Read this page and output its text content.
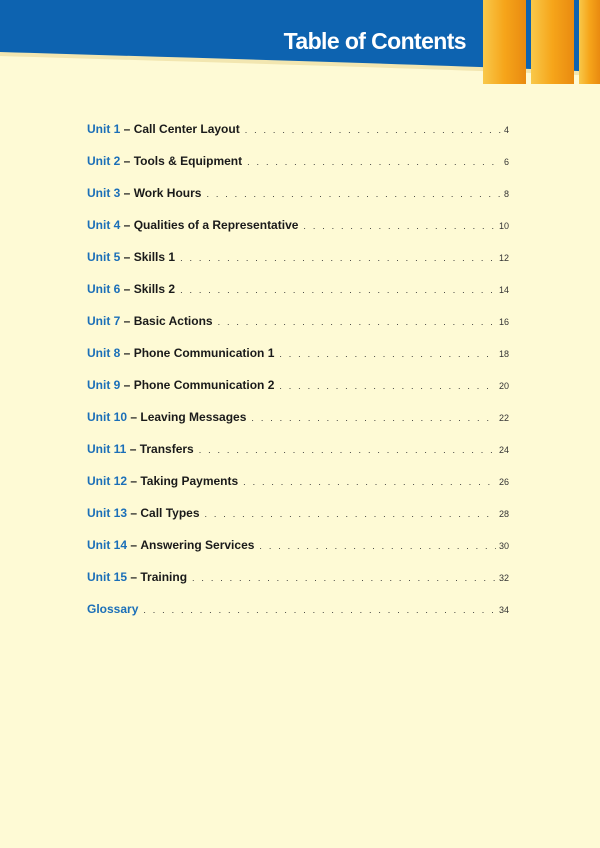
Table of Contents
Unit 1 – Call Center Layout . . .	4
Unit 2 – Tools & Equipment . . .	6
Unit 3 – Work Hours . . .	8
Unit 4 – Qualities of a Representative . . .	10
Unit 5 – Skills 1 . . .	12
Unit 6 – Skills 2 . . .	14
Unit 7 – Basic Actions . . .	16
Unit 8 – Phone Communication 1 . . .	18
Unit 9 – Phone Communication 2 . . .	20
Unit 10 – Leaving Messages . . .	22
Unit 11 – Transfers . . .	24
Unit 12 – Taking Payments . . .	26
Unit 13 – Call Types . . .	28
Unit 14 – Answering Services . . .	30
Unit 15 – Training . . .	32
Glossary . . .	34
